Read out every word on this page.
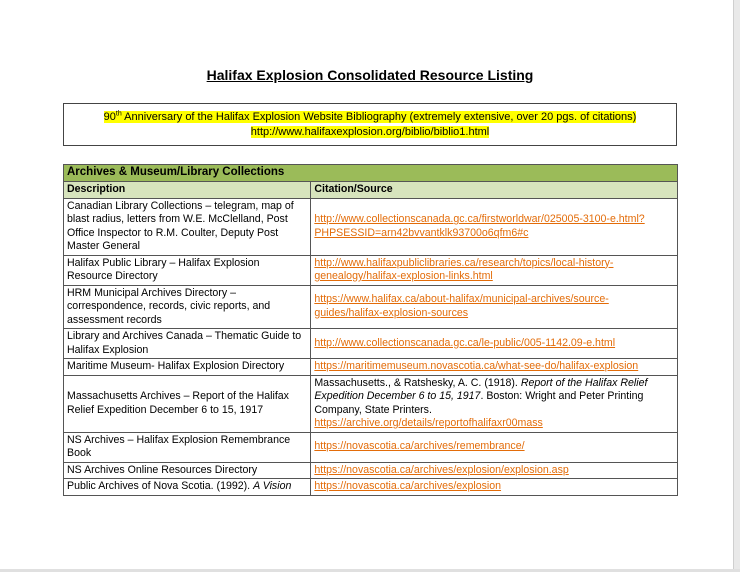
Halifax Explosion Consolidated Resource Listing
90th Anniversary of the Halifax Explosion Website Bibliography (extremely extensive, over 20 pgs. of citations)
http://www.halifaxexplosion.org/biblio/biblio1.html
Archives & Museum/Library Collections	
Description	Citation/Source
Canadian Library Collections – telegram, map of blast radius, letters from W.E. McClelland, Post Office Inspector to R.M. Coulter, Deputy Post Master General	http://www.collectionscanada.gc.ca/firstworldwar/025005-3100-e.html?PHPSESSID=arn42bvvantklk93700o6qfm6#c
Halifax Public Library – Halifax Explosion Resource Directory	http://www.halifaxpubliclibraries.ca/research/topics/local-history-genealogy/halifax-explosion-links.html
HRM Municipal Archives Directory – correspondence, records, civic reports, and assessment records	https://www.halifax.ca/about-halifax/municipal-archives/source-guides/halifax-explosion-sources
Library and Archives Canada – Thematic Guide to Halifax Explosion	http://www.collectionscanada.gc.ca/le-public/005-1142.09-e.html
Maritime Museum- Halifax Explosion Directory	https://maritimemuseum.novascotia.ca/what-see-do/halifax-explosion
Massachusetts Archives – Report of the Halifax Relief Expedition December 6 to 15, 1917	Massachusetts., & Ratshesky, A. C. (1918). Report of the Halifax Relief Expedition December 6 to 15, 1917. Boston: Wright and Peter Printing Company, State Printers.
https://archive.org/details/reportofhalifaxr00mass
NS Archives – Halifax Explosion Remembrance Book	https://novascotia.ca/archives/remembrance/
NS Archives Online Resources Directory	https://novascotia.ca/archives/explosion/explosion.asp
Public Archives of Nova Scotia. (1992). A Vision	https://novascotia.ca/archives/explosion
